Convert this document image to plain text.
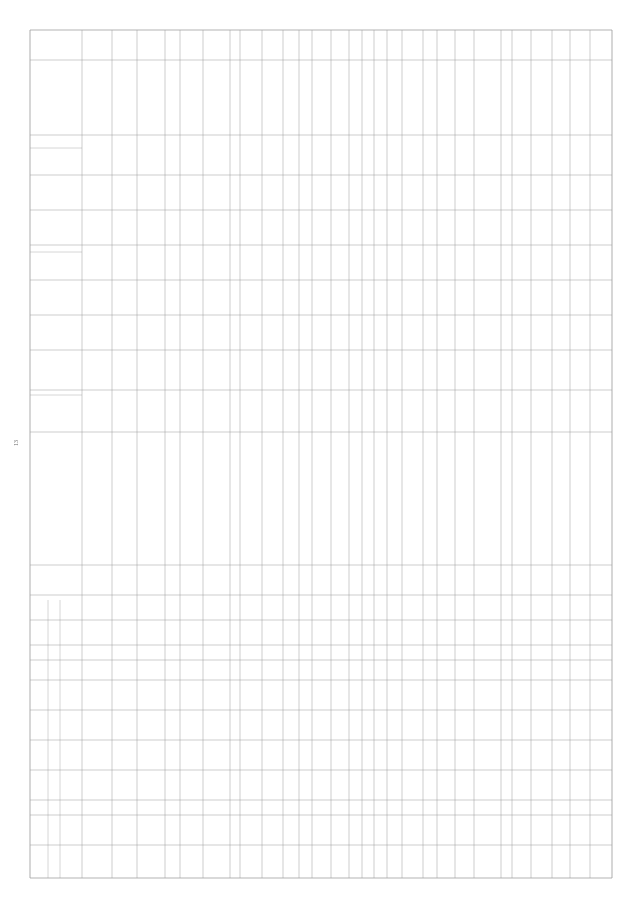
13
